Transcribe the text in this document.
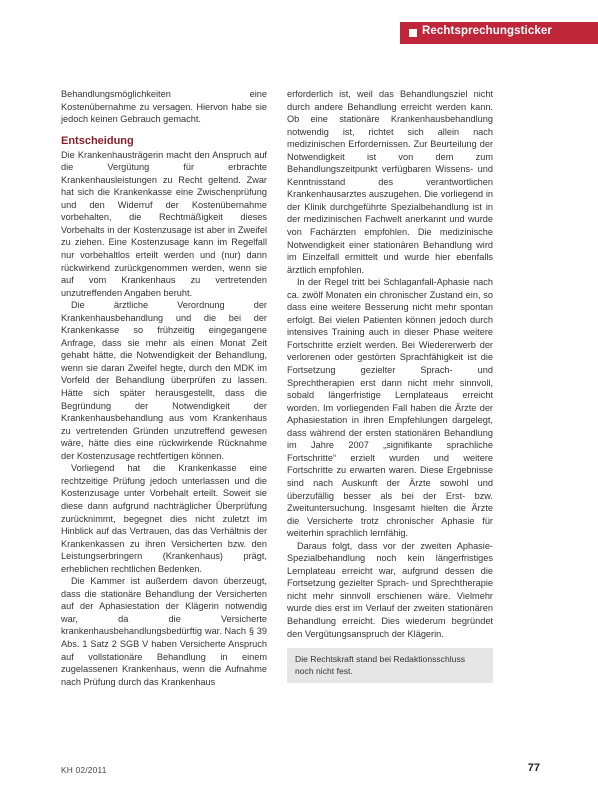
Rechtsprechungsticker

Behandlungsmöglichkeiten eine Kostenübernahme zu versagen. Hiervon habe sie jedoch keinen Gebrauch gemacht.

Entscheidung

Die Krankenhausträgerin macht den Anspruch auf die Vergütung für erbrachte Krankenhausleistungen zu Recht geltend. Zwar hat sich die Krankenkasse eine Zwischenprüfung und den Widerruf der Kostenübernahme vorbehalten, die Rechtmäßigkeit dieses Vorbehalts in der Kostenzusage ist aber in Zweifel zu ziehen. Eine Kostenzusage kann im Regelfall nur vorbehaltlos erteilt werden und (nur) dann rückwirkend zurückgenommen werden, wenn sie auf vom Krankenhaus zu vertretenden unzutreffenden Angaben beruht.

Die ärztliche Verordnung der Krankenhausbehandlung und die bei der Krankenkasse so frühzeitig eingegangene Anfrage, dass sie mehr als einen Monat Zeit gehabt hätte, die Notwendigkeit der Behandlung, wenn sie daran Zweifel hegte, durch den MDK im Vorfeld der Behandlung überprüfen zu lassen. Hätte sich später herausgestellt, dass die Begründung der Notwendigkeit der Krankenhausbehandlung aus vom Krankenhaus zu vertretenden Gründen unzutreffend gewesen wäre, hätte dies eine rückwirkende Rücknahme der Kostenzusage rechtfertigen können.

Vorliegend hat die Krankenkasse eine rechtzeitige Prüfung jedoch unterlassen und die Kostenzusage unter Vorbehalt erteilt. Soweit sie diese dann aufgrund nachträglicher Überprüfung zurücknimmt, begegnet dies nicht zuletzt im Hinblick auf das Vertrauen, das das Verhältnis der Krankenkassen zu ihren Versicherten bzw. den Leistungserbringern (Krankenhaus) prägt, erheblichen rechtlichen Bedenken.

Die Kammer ist außerdem davon überzeugt, dass die stationäre Behandlung der Versicherten auf der Aphasiestation der Klägerin notwendig war, da die Versicherte krankenhausbehandlungsbedürftig war. Nach § 39 Abs. 1 Satz 2 SGB V haben Versicherte Anspruch auf vollstationäre Behandlung in einem zugelassenen Krankenhaus, wenn die Aufnahme nach Prüfung durch das Krankenhaus

erforderlich ist, weil das Behandlungsziel nicht durch andere Behandlung erreicht werden kann. Ob eine stationäre Krankenhausbehandlung notwendig ist, richtet sich allein nach medizinischen Erfordernissen. Zur Beurteilung der Notwendigkeit ist von dem zum Behandlungszeitpunkt verfügbaren Wissens- und Kenntnisstand des verantwortlichen Krankenhausarztes auszugehen. Die vorliegend in der Klinik durchgeführte Spezialbehandlung ist in der medizinischen Fachwelt anerkannt und wurde von Fachärzten empfohlen. Die medizinische Notwendigkeit einer stationären Behandlung wird im Einzelfall ermittelt und wurde hier ebenfalls ärztlich empfohlen.

In der Regel tritt bei Schlaganfall-Aphasie nach ca. zwölf Monaten ein chronischer Zustand ein, so dass eine weitere Besserung nicht mehr spontan erfolgt. Bei vielen Patienten können jedoch durch intensives Training auch in dieser Phase weitere Fortschritte erzielt werden. Bei Wiedererwerb der verlorenen oder gestörten Sprachfähigkeit ist die Fortsetzung gezielter Sprach- und Sprechtherapien erst dann nicht mehr sinnvoll, sobald längerfristige Lernplateaus erreicht worden. Im vorliegenden Fall haben die Ärzte der Aphasiestation in ihren Empfehlungen dargelegt, dass während der ersten stationären Behandlung im Jahre 2007 „signifikante sprachliche Fortschritte“ erzielt wurden und weitere Fortschritte zu erwarten waren. Diese Ergebnisse sind nach Auskunft der Ärzte sowohl und überzufällig besser als bei der Erst- bzw. Zweituntersuchung. Insgesamt hielten die Ärzte die Versicherte trotz chronischer Aphasie für weiterhin sprachlich lernfähig.

Daraus folgt, dass vor der zweiten Aphasie-Spezialbehandlung noch kein längerfristiges Lernplateau erreicht war, aufgrund dessen die Fortsetzung gezielter Sprach- und Sprechtherapie nicht mehr sinnvoll erschienen wäre. Vielmehr wurde dies erst im Verlauf der zweiten stationären Behandlung erreicht. Dies wiederum begründet den Vergütungsanspruch der Klägerin.

Die Rechtskraft stand bei Redaktionsschluss noch nicht fest.
KH 02/2011	77
